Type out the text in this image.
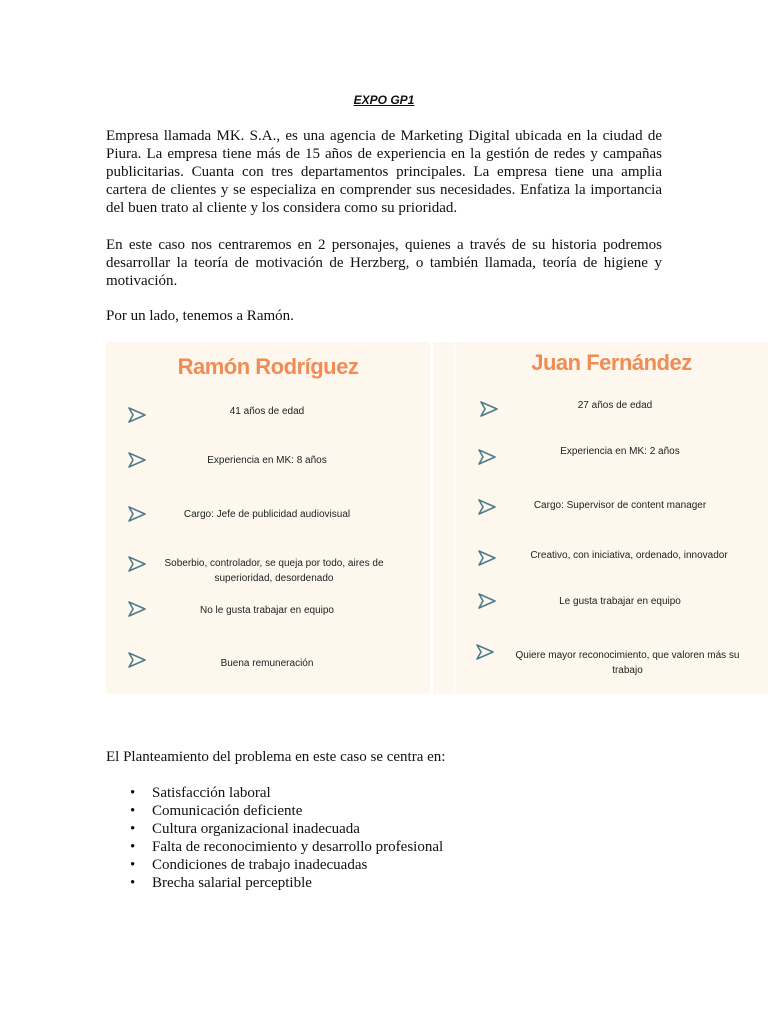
EXPO GP1

Empresa llamada MK. S.A., es una agencia de Marketing Digital ubicada en la ciudad de Piura. La empresa tiene más de 15 años de experiencia en la gestión de redes y campañas publicitarias. Cuanta con tres departamentos principales. La empresa tiene una amplia cartera de clientes y se especializa en comprender sus necesidades. Enfatiza la importancia del buen trato al cliente y los considera como su prioridad.

En este caso nos centraremos en 2 personajes, quienes a través de su historia podremos desarrollar la teoría de motivación de Herzberg, o también llamada, teoría de higiene y motivación.

Por un lado, tenemos a Ramón.

Ramón Rodríguez	Juan Fernández
41 años de edad
Experiencia en MK: 8 años
Cargo: Jefe de publicidad audiovisual
Soberbio, controlador, se queja por todo, aires de superioridad, desordenado
No le gusta trabajar en equipo
Buena remuneración
27 años de edad
Experiencia en MK: 2 años
Cargo: Supervisor de content manager
Creativo, con iniciativa, ordenado, innovador
Le gusta trabajar en equipo
Quiere mayor reconocimiento, que valoren más su trabajo

El Planteamiento del problema en este caso se centra en:

• Satisfacción laboral
• Comunicación deficiente
• Cultura organizacional inadecuada
• Falta de reconocimiento y desarrollo profesional
• Condiciones de trabajo inadecuadas
• Brecha salarial perceptible
